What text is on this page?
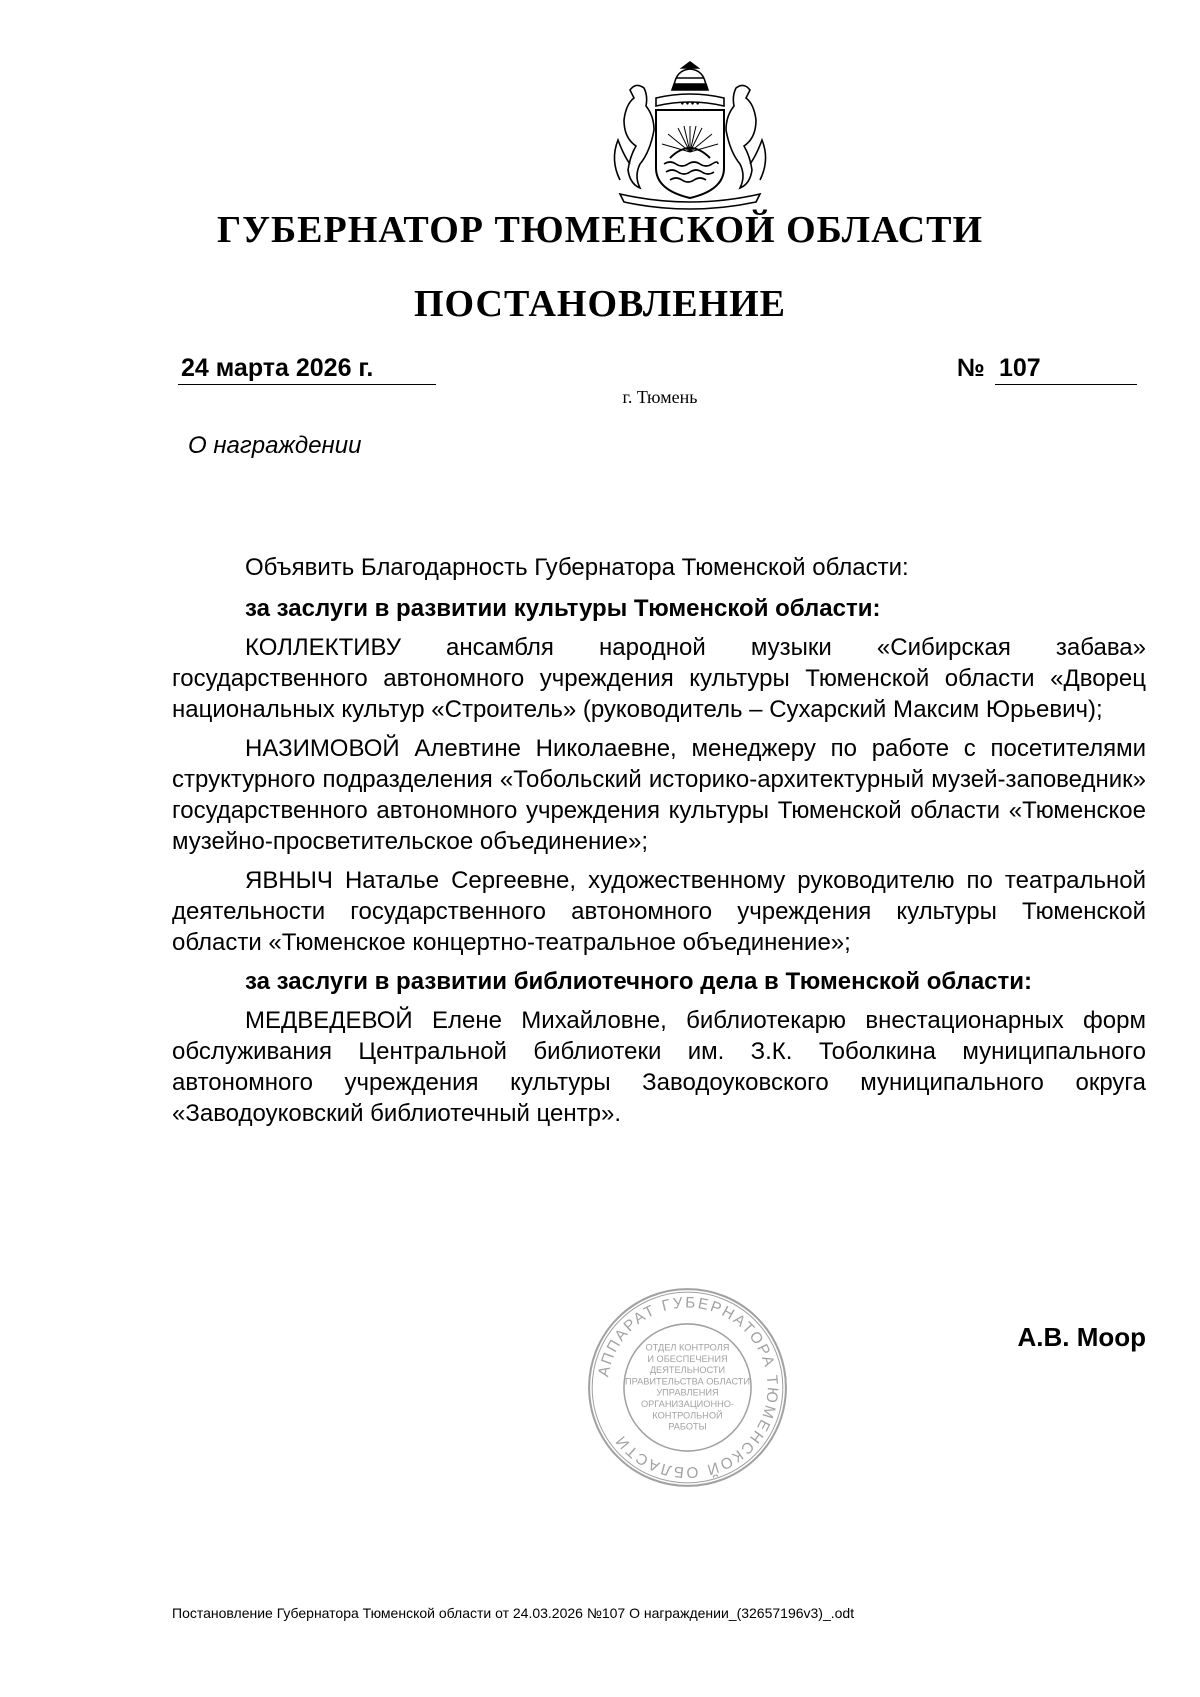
● ● ● ●
ГУБЕРНАТОР ТЮМЕНСКОЙ ОБЛАСТИ
ПОСТАНОВЛЕНИЕ
24 марта 2026 г.	№ 107
г. Тюмень
О награждении

Объявить Благодарность Губернатора Тюменской области:

за заслуги в развитии культуры Тюменской области:

КОЛЛЕКТИВУ ансамбля народной музыки «Сибирская забава» государственного автономного учреждения культуры Тюменской области «Дворец национальных культур «Строитель» (руководитель – Сухарский Максим Юрьевич);

НАЗИМОВОЙ Алевтине Николаевне, менеджеру по работе с посетителями структурного подразделения «Тобольский историко-архитектурный музей-заповедник» государственного автономного учреждения культуры Тюменской области «Тюменское музейно-просветительское объединение»;

ЯВНЫЧ Наталье Сергеевне, художественному руководителю по театральной деятельности государственного автономного учреждения культуры Тюменской области «Тюменское концертно-театральное объединение»;

за заслуги в развитии библиотечного дела в Тюменской области:

МЕДВЕДЕВОЙ Елене Михайловне, библиотекарю внестационарных форм обслуживания Центральной библиотеки им. З.К. Тоболкина муниципального автономного учреждения культуры Заводоуковского муниципального округа «Заводоуковский библиотечный центр».

АППАРАТ ГУБЕРНАТОРА ТЮМЕНСКОЙ ОБЛАСТИ
ОТДЕЛ КОНТРОЛЯ
И ОБЕСПЕЧЕНИЯ
ДЕЯТЕЛЬНОСТИ
ПРАВИТЕЛЬСТВА ОБЛАСТИ
УПРАВЛЕНИЯ
ОРГАНИЗАЦИОННО-
КОНТРОЛЬНОЙ
РАБОТЫ
А.В. Моор
Постановление Губернатора Тюменской области от 24.03.2026 №107 О награждении_(32657196v3)_.odt
